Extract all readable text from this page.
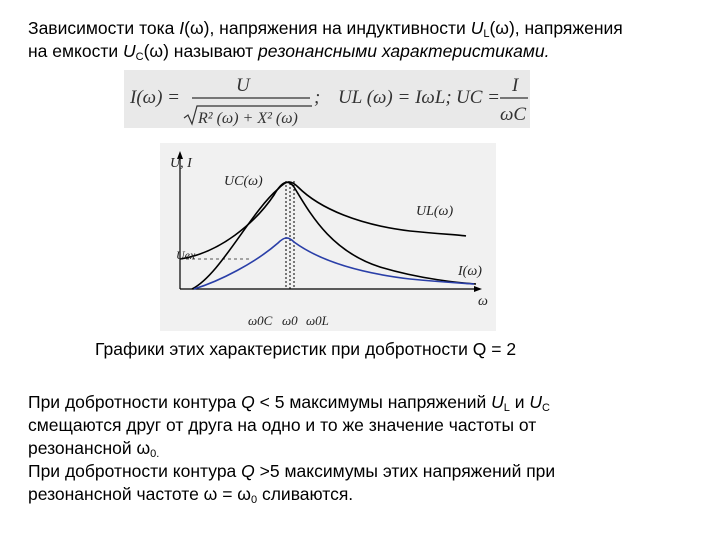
Зависимости тока I(ω), напряжения на индуктивности $U_L(\omega)$, напряжения
на емкости $U_C(\omega)$ называют резонансными характеристиками.
I(ω) =
U
R² (ω) + X² (ω)
; UL (ω) = IωL; UC =
I
ωC
U, I
UC(ω)
UL(ω)
I(ω)
Uex
ω
ω0C ω0 ω0L
Графики этих характеристик при добротности Q = 2
При добротности контура Q < 5 максимумы напряжений $U_L$ и $U_C$
смещаются друг от друга на одно и то же значение частоты от
резонансной $\omega_{0.}$
При добротности контура Q >5 максимумы этих напряжений при
резонансной частоте $\omega = \omega_0$ сливаются.
